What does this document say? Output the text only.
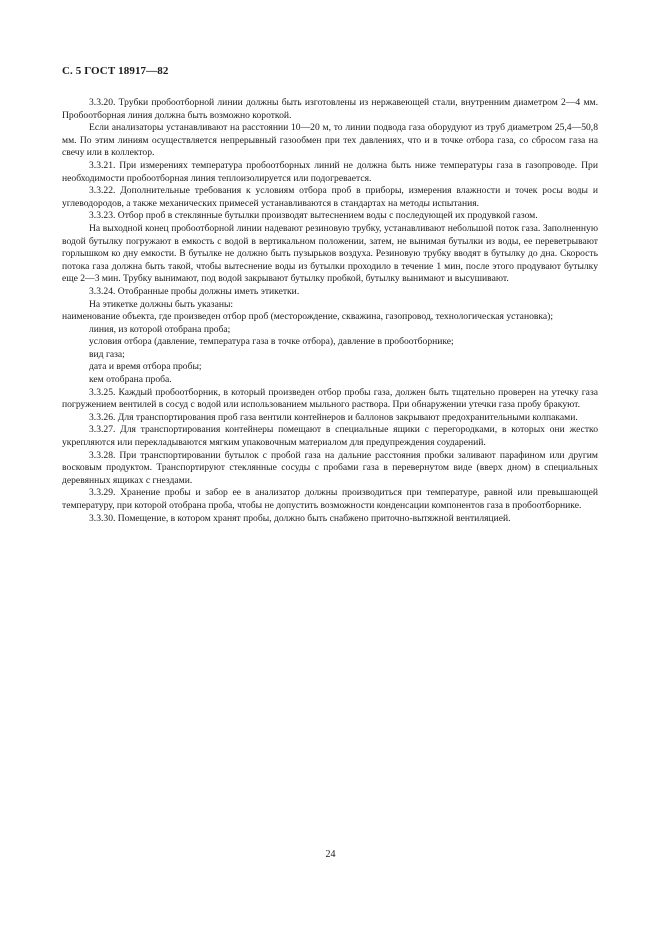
С. 5 ГОСТ 18917—82

3.3.20. Трубки пробоотборной линии должны быть изготовлены из нержавеющей стали, внутренним диаметром 2—4 мм. Пробоотборная линия должна быть возможно короткой.

Если анализаторы устанавливают на расстоянии 10—20 м, то линии подвода газа оборудуют из труб диаметром 25,4—50,8 мм. По этим линиям осуществляется непрерывный газообмен при тех давлениях, что и в точке отбора газа, со сбросом газа на свечу или в коллектор.

3.3.21. При измерениях температура пробоотборных линий не должна быть ниже температуры газа в газопроводе. При необходимости пробоотборная линия теплоизолируется или подогревается.

3.3.22. Дополнительные требования к условиям отбора проб в приборы, измерения влажности и точек росы воды и углеводородов, а также механических примесей устанавливаются в стандартах на методы испытания.

3.3.23. Отбор проб в стеклянные бутылки производят вытеснением воды с последующей их продувкой газом.

На выходной конец пробоотборной линии надевают резиновую трубку, устанавливают небольшой поток газа. Заполненную водой бутылку погружают в емкость с водой в вертикальном положении, затем, не вынимая бутылки из воды, ее переветрывают горлышком ко дну емкости. В бутылке не должно быть пузырьков воздуха. Резиновую трубку вводят в бутылку до дна. Скорость потока газа должна быть такой, чтобы вытеснение воды из бутылки проходило в течение 1 мин, после этого продувают бутылку еще 2—3 мин. Трубку вынимают, под водой закрывают бутылку пробкой, бутылку вынимают и высушивают.

3.3.24. Отобранные пробы должны иметь этикетки.

На этикетке должны быть указаны:

наименование объекта, где произведен отбор проб (месторождение, скважина, газопровод, технологическая установка);

линия, из которой отобрана проба;

условия отбора (давление, температура газа в точке отбора), давление в пробоотборнике;

вид газа;

дата и время отбора пробы;

кем отобрана проба.

3.3.25. Каждый пробоотборник, в который произведен отбор пробы газа, должен быть тщательно проверен на утечку газа погружением вентилей в сосуд с водой или использованием мыльного раствора. При обнаружении утечки газа пробу бракуют.

3.3.26. Для транспортирования проб газа вентили контейнеров и баллонов закрывают предохранительными колпаками.

3.3.27. Для транспортирования контейнеры помещают в специальные ящики с перегородками, в которых они жестко укрепляются или перекладываются мягким упаковочным материалом для предупреждения соударений.

3.3.28. При транспортировании бутылок с пробой газа на дальние расстояния пробки заливают парафином или другим восковым продуктом. Транспортируют стеклянные сосуды с пробами газа в перевернутом виде (вверх дном) в специальных деревянных ящиках с гнездами.

3.3.29. Хранение пробы и забор ее в анализатор должны производиться при температуре, равной или превышающей температуру, при которой отобрана проба, чтобы не допустить возможности конденсации компонентов газа в пробоотборнике.

3.3.30. Помещение, в котором хранят пробы, должно быть снабжено приточно-вытяжной вентиляцией.

24
